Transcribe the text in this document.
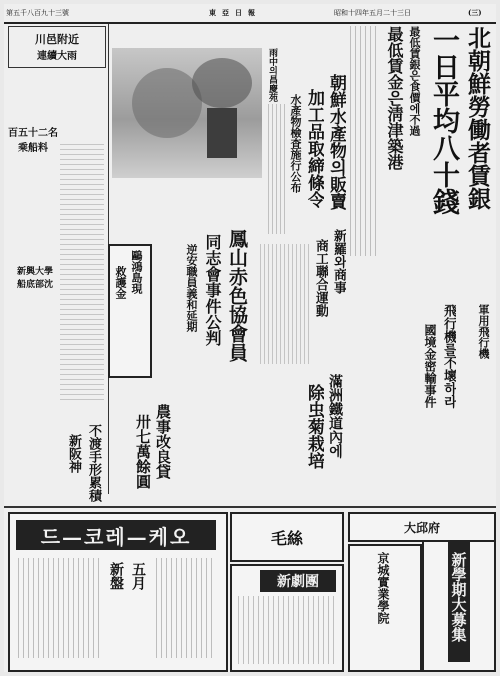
第五千八百九十三號	東亞日報	昭和十四年五月二十三日	(三)
北朝鮮勞働者賃銀
一日平均八十錢
最低賃銀은食價에不過
最低賃金은淸津築港
朝鮮水產物의販賣
加工品取締條令
水產物檢査施行公布
新羅와商事
商工聯合運動
雨中의昌慶苑
川邑附近
連續大雨
百五十二名
乘船料
新興大學
船底部沈	鳳山赤色協會員
同志會事件公判
逆安職員義和延期
農事改良貸
卅七萬餘圓	滿洲鐵道內에
除虫菊栽培
飛行機를不壞하라
國境金密輸事件	軍用飛行機
不渡手形累積
新阪神
鷗鴻島現
救護金
드—코레—케오
五月
新盤	新劇團	京城實業學院	新學期大募集
大邱府
毛絲
